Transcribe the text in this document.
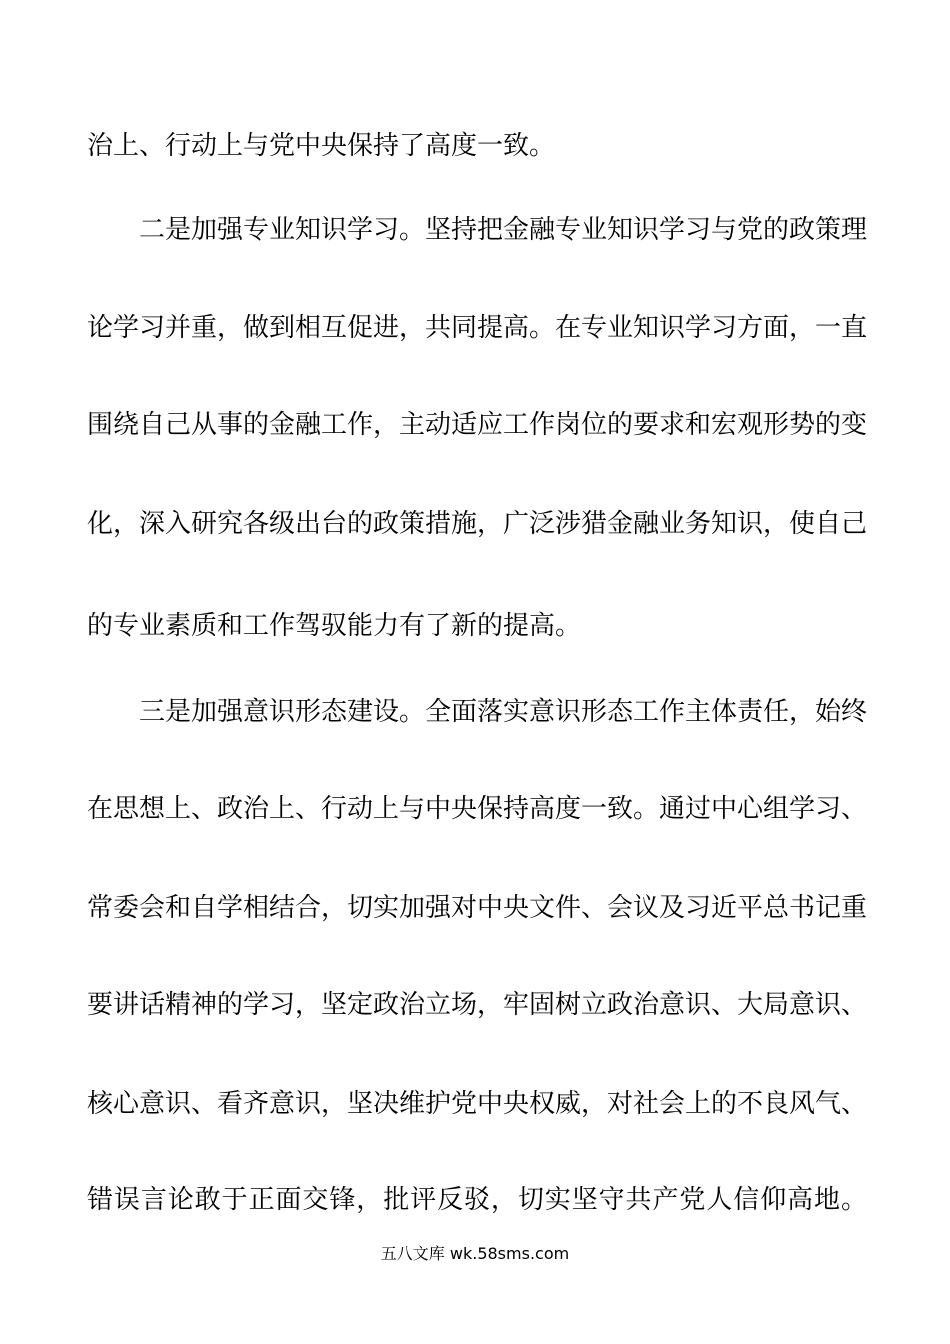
治上、行动上与党中央保持了高度一致。
二是加强专业知识学习。坚持把金融专业知识学习与党的政策理
论学习并重，做到相互促进，共同提高。在专业知识学习方面，一直
围绕自己从事的金融工作，主动适应工作岗位的要求和宏观形势的变
化，深入研究各级出台的政策措施，广泛涉猎金融业务知识，使自己
的专业素质和工作驾驭能力有了新的提高。
三是加强意识形态建设。全面落实意识形态工作主体责任，始终
在思想上、政治上、行动上与中央保持高度一致。通过中心组学习、
常委会和自学相结合，切实加强对中央文件、会议及习近平总书记重
要讲话精神的学习，坚定政治立场，牢固树立政治意识、大局意识、
核心意识、看齐意识，坚决维护党中央权威，对社会上的不良风气、
错误言论敢于正面交锋，批评反驳，切实坚守共产党人信仰高地。
五八文库 wk.58sms.com
